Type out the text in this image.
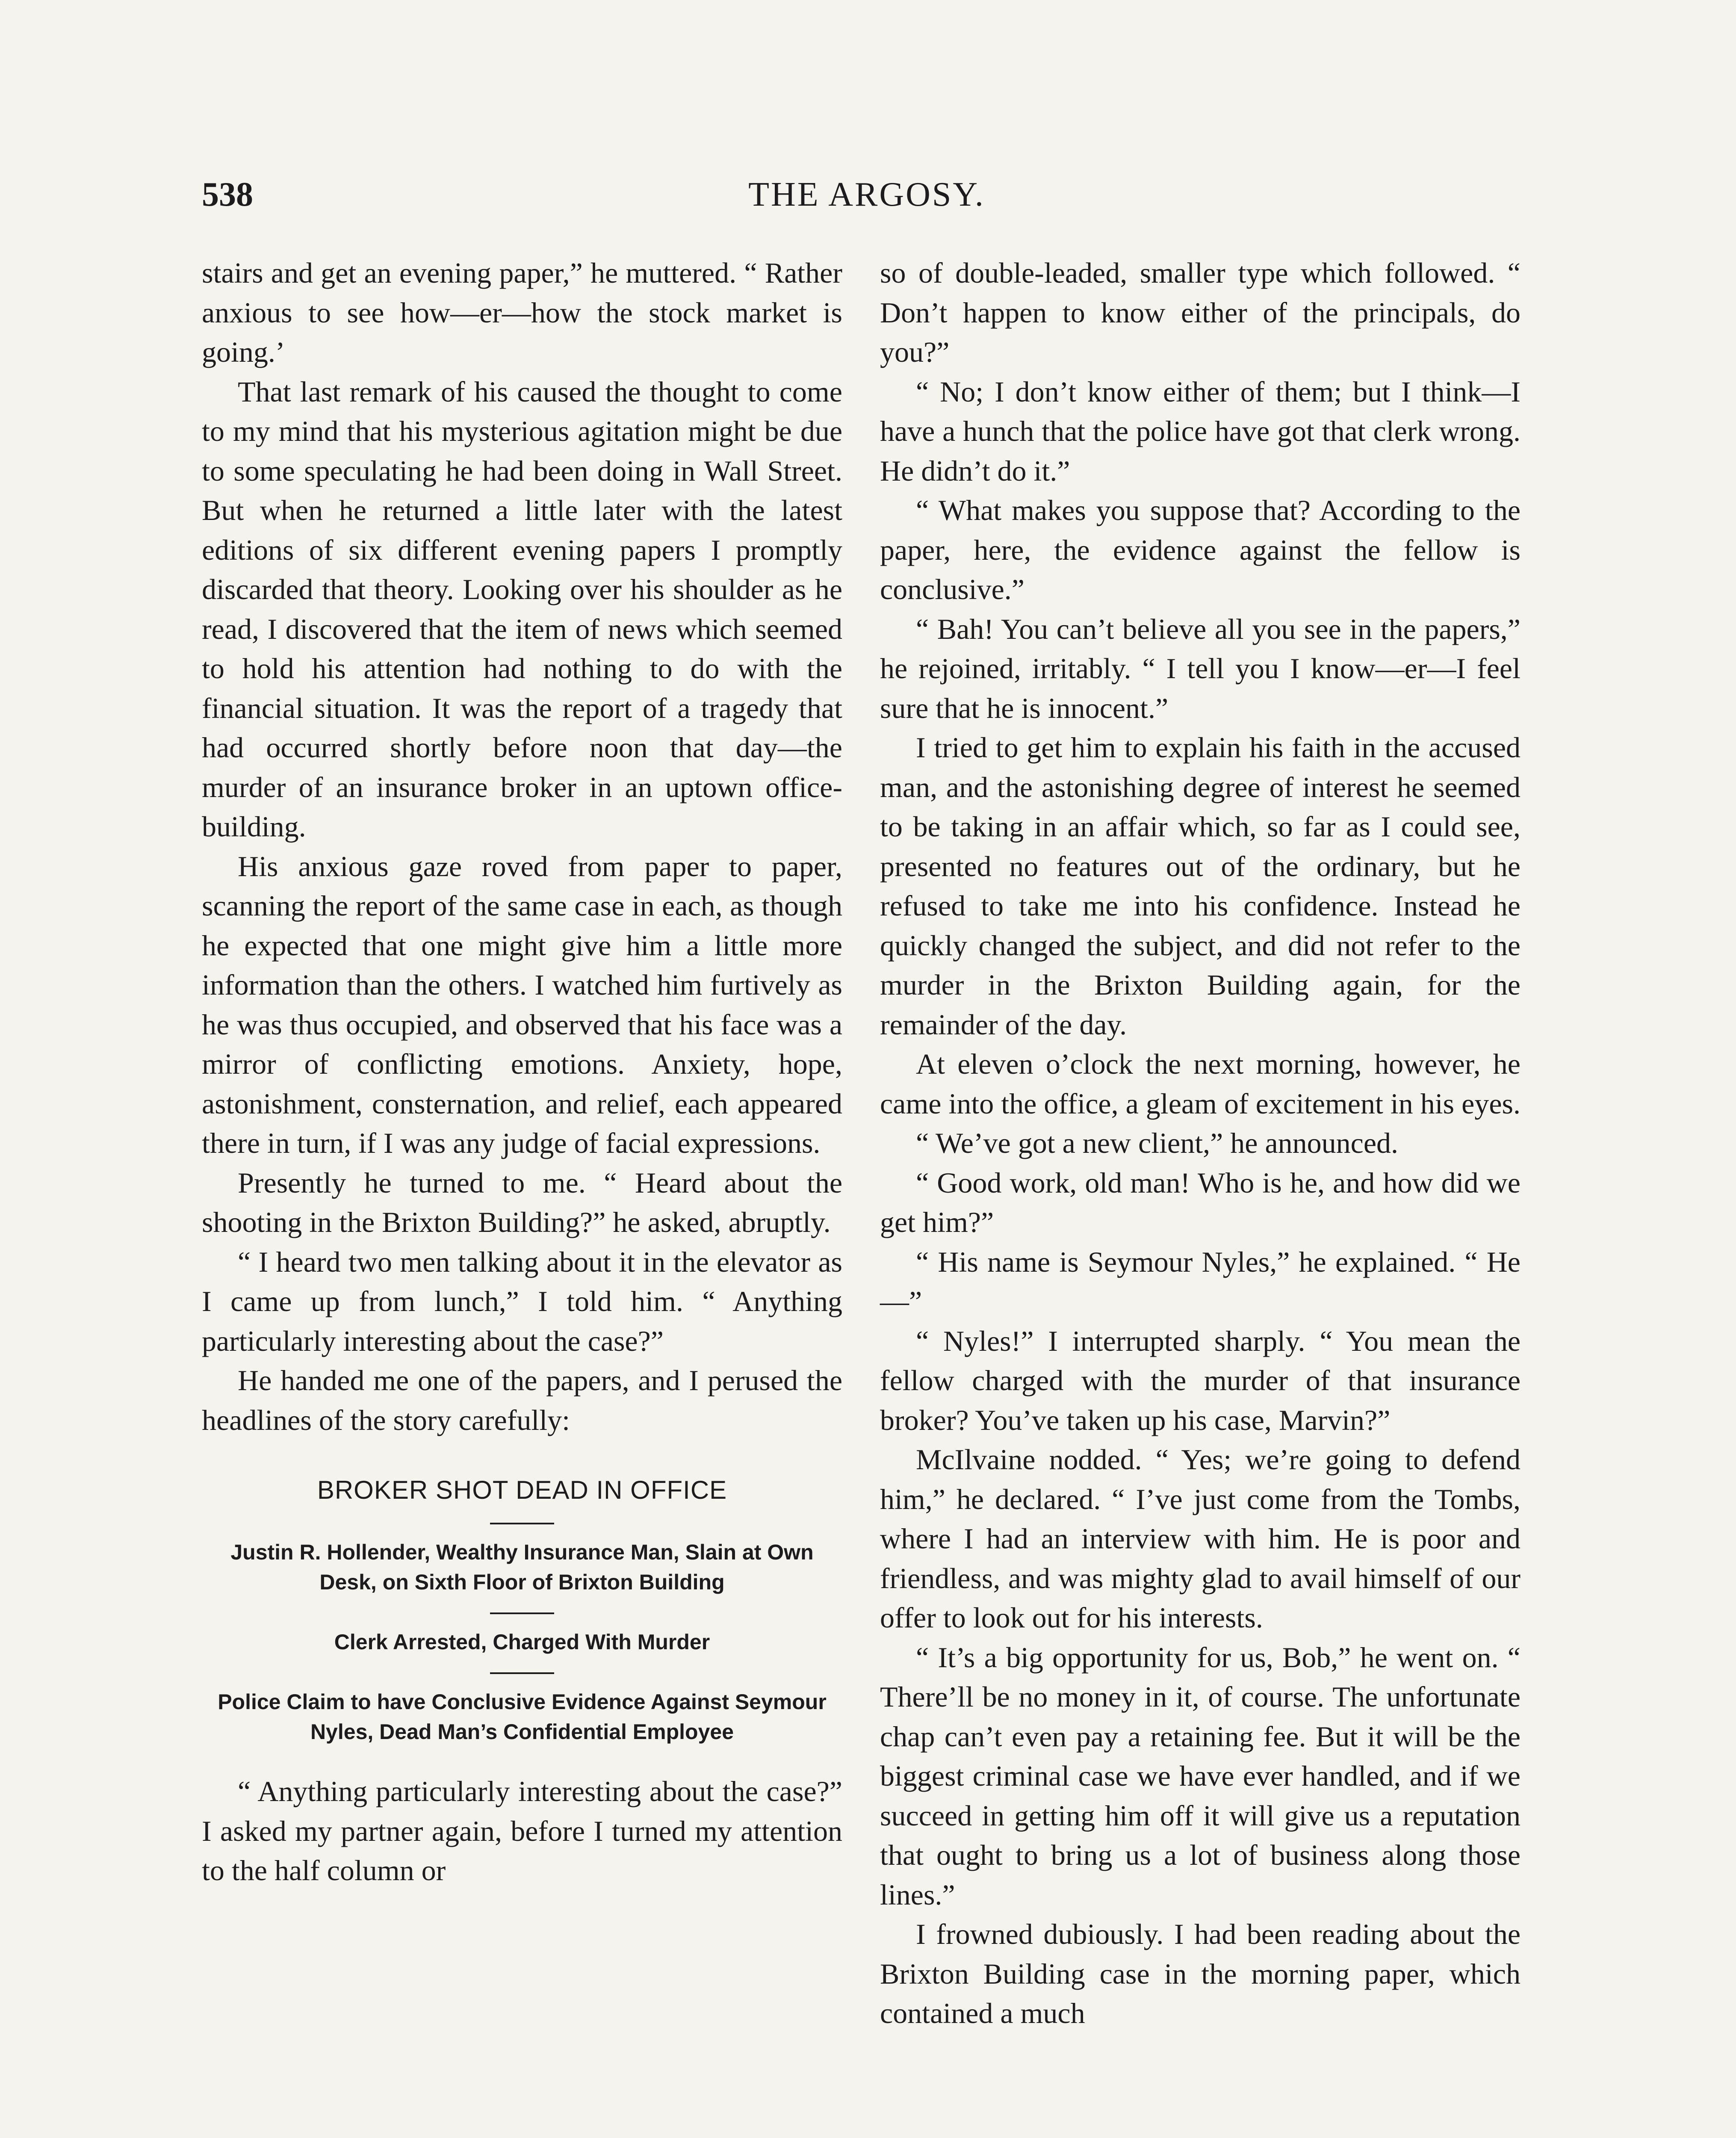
538	THE ARGOSY.

stairs and get an evening paper,” he muttered. “ Rather anxious to see how—er—how the stock market is going.’

That last remark of his caused the thought to come to my mind that his mysterious agitation might be due to some speculating he had been doing in Wall Street. But when he returned a little later with the latest editions of six different evening papers I promptly discarded that theory. Looking over his shoulder as he read, I discovered that the item of news which seemed to hold his attention had nothing to do with the financial situation. It was the report of a tragedy that had occurred shortly before noon that day—the murder of an insurance broker in an uptown office-building.

His anxious gaze roved from paper to paper, scanning the report of the same case in each, as though he expected that one might give him a little more information than the others. I watched him furtively as he was thus occupied, and observed that his face was a mirror of conflicting emotions. Anxiety, hope, astonishment, consternation, and relief, each appeared there in turn, if I was any judge of facial expressions.

Presently he turned to me. “ Heard about the shooting in the Brixton Building?” he asked, abruptly.

“ I heard two men talking about it in the elevator as I came up from lunch,” I told him. “ Anything particularly interesting about the case?”

He handed me one of the papers, and I perused the headlines of the story carefully:

BROKER SHOT DEAD IN OFFICE
Justin R. Hollender, Wealthy Insurance Man, Slain at Own Desk, on Sixth Floor of Brixton Building
Clerk Arrested, Charged With Murder
Police Claim to have Conclusive Evidence Against Seymour Nyles, Dead Man’s Confidential Employee

“ Anything particularly interesting about the case?” I asked my partner again, before I turned my attention to the half column or

so of double-leaded, smaller type which followed. “ Don’t happen to know either of the principals, do you?”

“ No; I don’t know either of them; but I think—I have a hunch that the police have got that clerk wrong. He didn’t do it.”

“ What makes you suppose that? According to the paper, here, the evidence against the fellow is conclusive.”

“ Bah! You can’t believe all you see in the papers,” he rejoined, irritably. “ I tell you I know—er—I feel sure that he is innocent.”

I tried to get him to explain his faith in the accused man, and the astonishing degree of interest he seemed to be taking in an affair which, so far as I could see, presented no features out of the ordinary, but he refused to take me into his confidence. Instead he quickly changed the subject, and did not refer to the murder in the Brixton Building again, for the remainder of the day.

At eleven o’clock the next morning, however, he came into the office, a gleam of excitement in his eyes.

“ We’ve got a new client,” he announced.

“ Good work, old man! Who is he, and how did we get him?”

“ His name is Seymour Nyles,” he explained. “ He—”

“ Nyles!” I interrupted sharply. “ You mean the fellow charged with the murder of that insurance broker? You’ve taken up his case, Marvin?”

McIlvaine nodded. “ Yes; we’re going to defend him,” he declared. “ I’ve just come from the Tombs, where I had an interview with him. He is poor and friendless, and was mighty glad to avail himself of our offer to look out for his interests.

“ It’s a big opportunity for us, Bob,” he went on. “ There’ll be no money in it, of course. The unfortunate chap can’t even pay a retaining fee. But it will be the biggest criminal case we have ever handled, and if we succeed in getting him off it will give us a reputation that ought to bring us a lot of business along those lines.”

I frowned dubiously. I had been reading about the Brixton Building case in the morning paper, which contained a much
